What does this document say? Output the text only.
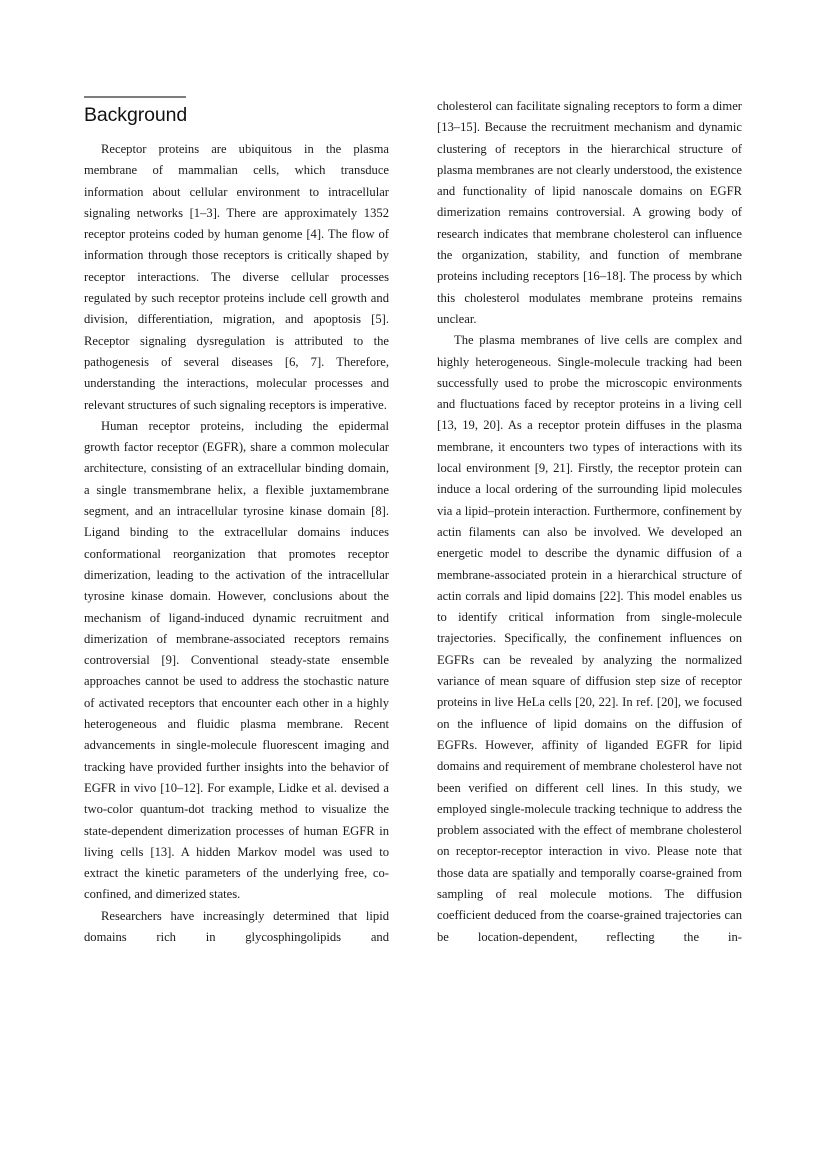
Background

Receptor proteins are ubiquitous in the plasma membrane of mammalian cells, which transduce information about cellular environment to intracellular signaling networks [1–3]. There are approximately 1352 receptor proteins coded by human genome [4]. The flow of information through those receptors is critically shaped by receptor interactions. The diverse cellular processes regulated by such receptor proteins include cell growth and division, differentiation, migration, and apoptosis [5]. Receptor signaling dysregulation is attributed to the pathogenesis of several diseases [6, 7]. Therefore, understanding the interactions, molecular processes and relevant structures of such signaling receptors is imperative.

Human receptor proteins, including the epidermal growth factor receptor (EGFR), share a common molecular architecture, consisting of an extracellular binding domain, a single transmembrane helix, a flexible juxtamembrane segment, and an intracellular tyrosine kinase domain [8]. Ligand binding to the extracellular domains induces conformational reorganization that promotes receptor dimerization, leading to the activation of the intracellular tyrosine kinase domain. However, conclusions about the mechanism of ligand-induced dynamic recruitment and dimerization of membrane-associated receptors remains controversial [9]. Conventional steady-state ensemble approaches cannot be used to address the stochastic nature of activated receptors that encounter each other in a highly heterogeneous and fluidic plasma membrane. Recent advancements in single-molecule fluorescent imaging and tracking have provided further insights into the behavior of EGFR in vivo [10–12]. For example, Lidke et al. devised a two-color quantum-dot tracking method to visualize the state-dependent dimerization processes of human EGFR in living cells [13]. A hidden Markov model was used to extract the kinetic parameters of the underlying free, co-confined, and dimerized states.

Researchers have increasingly determined that lipid domains rich in glycosphingolipids and

cholesterol can facilitate signaling receptors to form a dimer [13–15]. Because the recruitment mechanism and dynamic clustering of receptors in the hierarchical structure of plasma membranes are not clearly understood, the existence and functionality of lipid nanoscale domains on EGFR dimerization remains controversial. A growing body of research indicates that membrane cholesterol can influence the organization, stability, and function of membrane proteins including receptors [16–18]. The process by which this cholesterol modulates membrane proteins remains unclear.

The plasma membranes of live cells are complex and highly heterogeneous. Single-molecule tracking had been successfully used to probe the microscopic environments and fluctuations faced by receptor proteins in a living cell [13, 19, 20]. As a receptor protein diffuses in the plasma membrane, it encounters two types of interactions with its local environment [9, 21]. Firstly, the receptor protein can induce a local ordering of the surrounding lipid molecules via a lipid–protein interaction. Furthermore, confinement by actin filaments can also be involved. We developed an energetic model to describe the dynamic diffusion of a membrane-associated protein in a hierarchical structure of actin corrals and lipid domains [22]. This model enables us to identify critical information from single-molecule trajectories. Specifically, the confinement influences on EGFRs can be revealed by analyzing the normalized variance of mean square of diffusion step size of receptor proteins in live HeLa cells [20, 22]. In ref. [20], we focused on the influence of lipid domains on the diffusion of EGFRs. However, affinity of liganded EGFR for lipid domains and requirement of membrane cholesterol have not been verified on different cell lines. In this study, we employed single-molecule tracking technique to address the problem associated with the effect of membrane cholesterol on receptor-receptor interaction in vivo. Please note that those data are spatially and temporally coarse-grained from sampling of real molecule motions. The diffusion coefficient deduced from the coarse-grained trajectories can be location-dependent, reflecting the in-
